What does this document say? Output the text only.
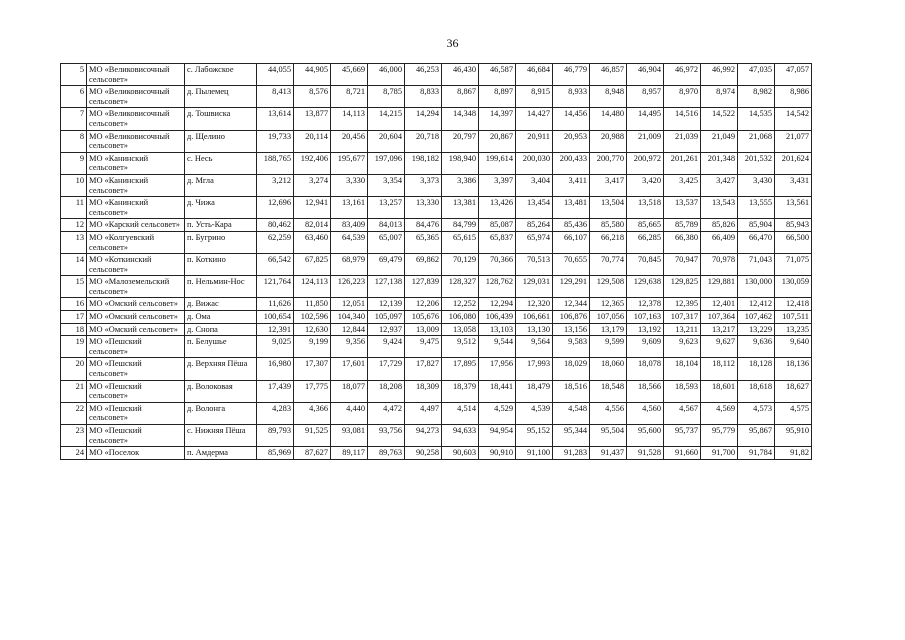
36
5	МО «Великовисочный сельсовет»	с. Лабожское	44,055	44,905	45,669	46,000	46,253	46,430	46,587	46,684	46,779	46,857	46,904	46,972	46,992	47,035	47,057
6	МО «Великовисочный сельсовет»	д. Пылемец	8,413	8,576	8,721	8,785	8,833	8,867	8,897	8,915	8,933	8,948	8,957	8,970	8,974	8,982	8,986
7	МО «Великовисочный сельсовет»	д. Тошвиска	13,614	13,877	14,113	14,215	14,294	14,348	14,397	14,427	14,456	14,480	14,495	14,516	14,522	14,535	14,542
8	МО «Великовисочный сельсовет»	д. Щелино	19,733	20,114	20,456	20,604	20,718	20,797	20,867	20,911	20,953	20,988	21,009	21,039	21,049	21,068	21,077
9	МО «Канинский сельсовет»	с. Несь	188,765	192,406	195,677	197,096	198,182	198,940	199,614	200,030	200,433	200,770	200,972	201,261	201,348	201,532	201,624
10	МО «Канинский сельсовет»	д. Мгла	3,212	3,274	3,330	3,354	3,373	3,386	3,397	3,404	3,411	3,417	3,420	3,425	3,427	3,430	3,431
11	МО «Канинский сельсовет»	д. Чижа	12,696	12,941	13,161	13,257	13,330	13,381	13,426	13,454	13,481	13,504	13,518	13,537	13,543	13,555	13,561
12	МО «Карский сельсовет»	п. Усть-Кара	80,462	82,014	83,409	84,013	84,476	84,799	85,087	85,264	85,436	85,580	85,665	85,789	85,826	85,904	85,943
13	МО «Колгуевский сельсовет»	п. Бугрино	62,259	63,460	64,539	65,007	65,365	65,615	65,837	65,974	66,107	66,218	66,285	66,380	66,409	66,470	66,500
14	МО «Коткинский сельсовет»	п. Коткино	66,542	67,825	68,979	69,479	69,862	70,129	70,366	70,513	70,655	70,774	70,845	70,947	70,978	71,043	71,075
15	МО «Малоземельский сельсовет»	п. Нельмин-Нос	121,764	124,113	126,223	127,138	127,839	128,327	128,762	129,031	129,291	129,508	129,638	129,825	129,881	130,000	130,059
16	МО «Омский сельсовет»	д. Вижас	11,626	11,850	12,051	12,139	12,206	12,252	12,294	12,320	12,344	12,365	12,378	12,395	12,401	12,412	12,418
17	МО «Омский сельсовет»	д. Ома	100,654	102,596	104,340	105,097	105,676	106,080	106,439	106,661	106,876	107,056	107,163	107,317	107,364	107,462	107,511
18	МО «Омский сельсовет»	д. Снопа	12,391	12,630	12,844	12,937	13,009	13,058	13,103	13,130	13,156	13,179	13,192	13,211	13,217	13,229	13,235
19	МО «Пешский сельсовет»	п. Белушье	9,025	9,199	9,356	9,424	9,475	9,512	9,544	9,564	9,583	9,599	9,609	9,623	9,627	9,636	9,640
20	МО «Пешский сельсовет»	д. Верхняя Пёша	16,980	17,307	17,601	17,729	17,827	17,895	17,956	17,993	18,029	18,060	18,078	18,104	18,112	18,128	18,136
21	МО «Пешский сельсовет»	д. Волоковая	17,439	17,775	18,077	18,208	18,309	18,379	18,441	18,479	18,516	18,548	18,566	18,593	18,601	18,618	18,627
22	МО «Пешский сельсовет»	д. Волонга	4,283	4,366	4,440	4,472	4,497	4,514	4,529	4,539	4,548	4,556	4,560	4,567	4,569	4,573	4,575
23	МО «Пешский сельсовет»	с. Нижняя Пёша	89,793	91,525	93,081	93,756	94,273	94,633	94,954	95,152	95,344	95,504	95,600	95,737	95,779	95,867	95,910
24	МО «Поселок	п. Амдерма	85,969	87,627	89,117	89,763	90,258	90,603	90,910	91,100	91,283	91,437	91,528	91,660	91,700	91,784	91,82
